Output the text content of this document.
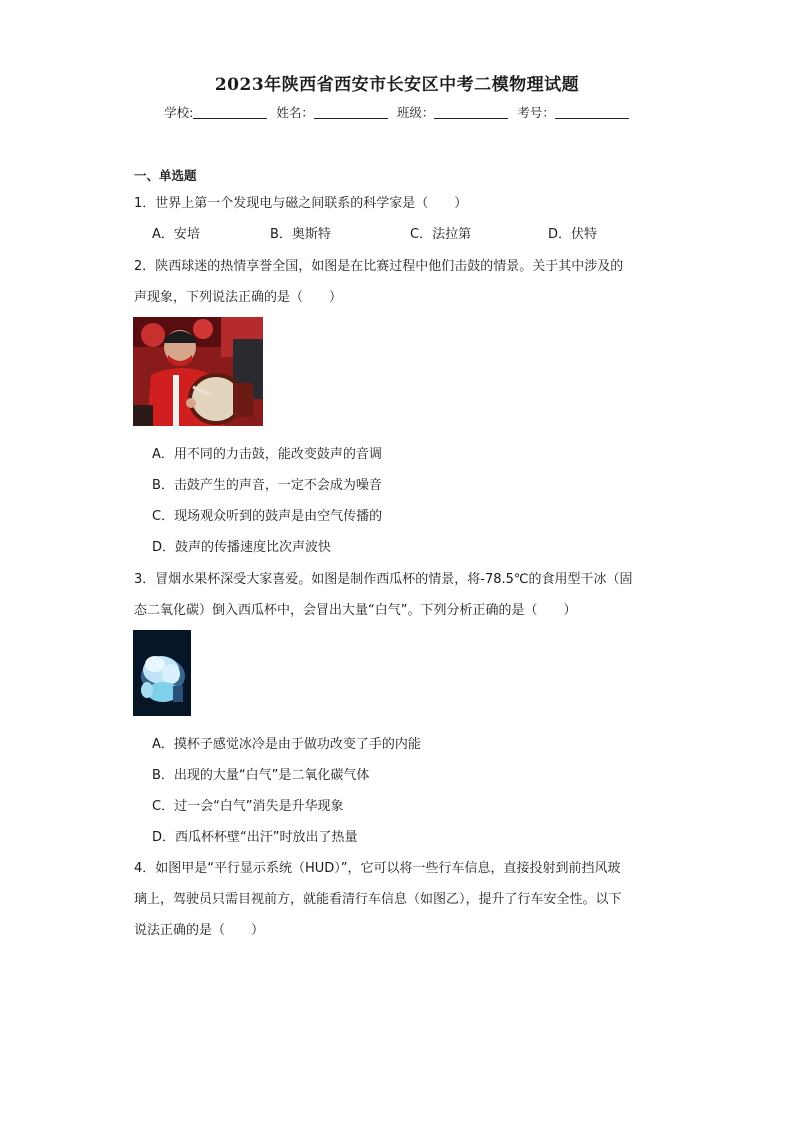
2023年陕西省西安市长安区中考二模物理试题
学校:	姓名：	班级：	考号：
一、单选题
1．世界上第一个发现电与磁之间联系的科学家是（　　）
A．安培	B．奥斯特	C．法拉第	D．伏特
2．陕西球迷的热情享誉全国，如图是在比赛过程中他们击鼓的情景。关于其中涉及的
声现象，下列说法正确的是（　　）
A．用不同的力击鼓，能改变鼓声的音调
B．击鼓产生的声音，一定不会成为噪音
C．现场观众听到的鼓声是由空气传播的
D．鼓声的传播速度比次声波快
3．冒烟水果杯深受大家喜爱。如图是制作西瓜杯的情景，将-78.5℃的食用型干冰（固
态二氧化碳）倒入西瓜杯中，会冒出大量“白气”。下列分析正确的是（　　）
A．摸杯子感觉冰冷是由于做功改变了手的内能
B．出现的大量“白气”是二氧化碳气体
C．过一会“白气”消失是升华现象
D．西瓜杯杯壁“出汗”时放出了热量
4．如图甲是“平行显示系统（HUD）”，它可以将一些行车信息，直接投射到前挡风玻
璃上，驾驶员只需目视前方，就能看清行车信息（如图乙），提升了行车安全性。以下
说法正确的是（　　）
